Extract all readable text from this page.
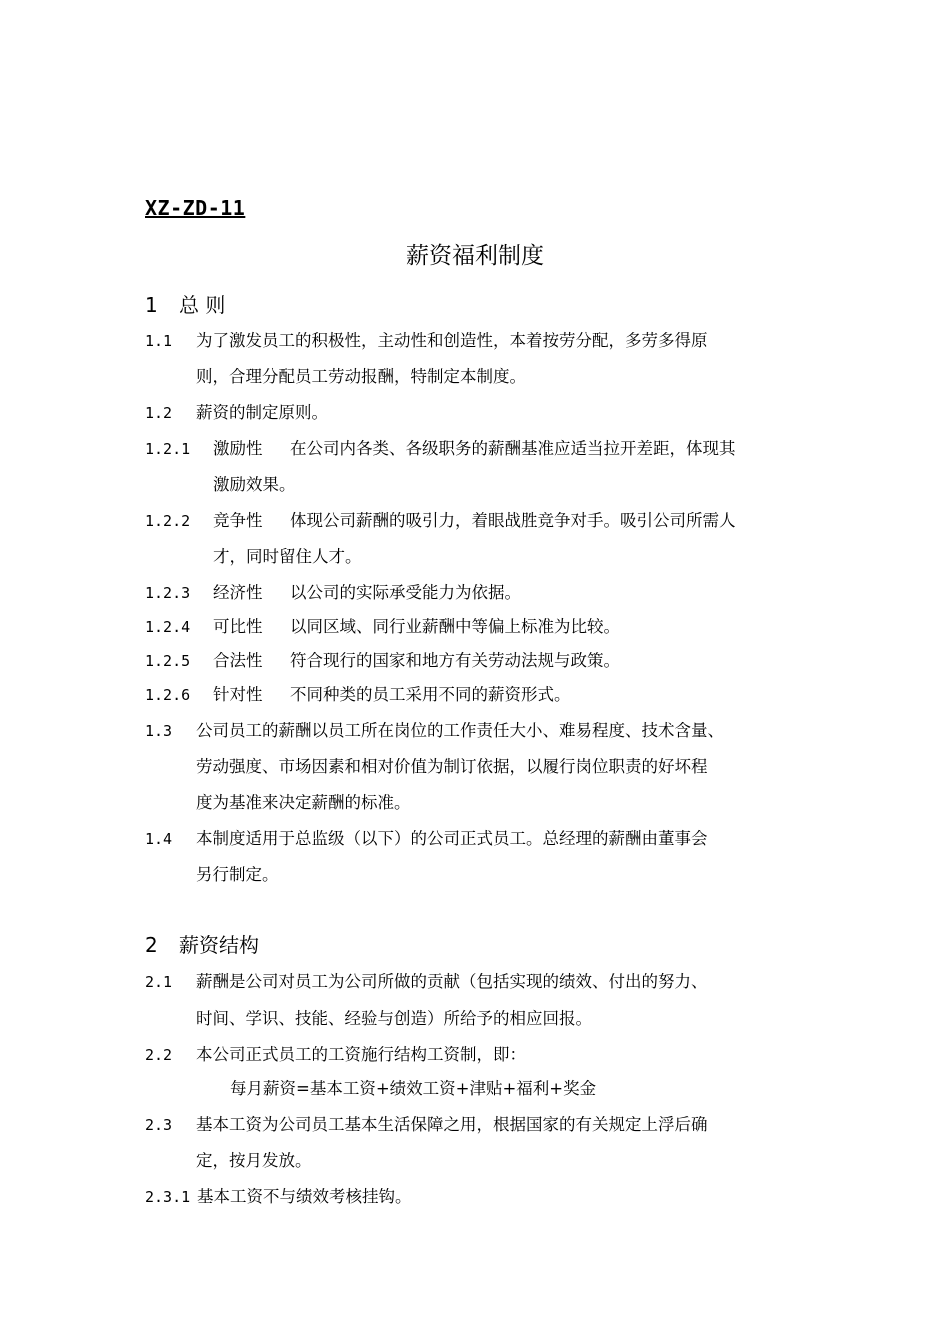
XZ-ZD-11
薪资福利制度
1 总 则
1.1 为了激发员工的积极性，主动性和创造性，本着按劳分配，多劳多得原
则，合理分配员工劳动报酬，特制定本制度。
1.2 薪资的制定原则。
1.2.1 激励性 在公司内各类、各级职务的薪酬基准应适当拉开差距，体现其
激励效果。
1.2.2 竞争性 体现公司薪酬的吸引力，着眼战胜竞争对手。吸引公司所需人
才，同时留住人才。
1.2.3 经济性 以公司的实际承受能力为依据。
1.2.4 可比性 以同区域、同行业薪酬中等偏上标准为比较。
1.2.5 合法性 符合现行的国家和地方有关劳动法规与政策。
1.2.6 针对性 不同种类的员工采用不同的薪资形式。
1.3 公司员工的薪酬以员工所在岗位的工作责任大小、难易程度、技术含量、
劳动强度、市场因素和相对价值为制订依据，以履行岗位职责的好坏程
度为基准来决定薪酬的标准。
1.4 本制度适用于总监级（以下）的公司正式员工。总经理的薪酬由董事会
另行制定。
2 薪资结构
2.1 薪酬是公司对员工为公司所做的贡献（包括实现的绩效、付出的努力、
时间、学识、技能、经验与创造）所给予的相应回报。
2.2 本公司正式员工的工资施行结构工资制，即：
每月薪资=基本工资+绩效工资+津贴+福利+奖金
2.3 基本工资为公司员工基本生活保障之用，根据国家的有关规定上浮后确
定，按月发放。
2.3.1 基本工资不与绩效考核挂钩。
